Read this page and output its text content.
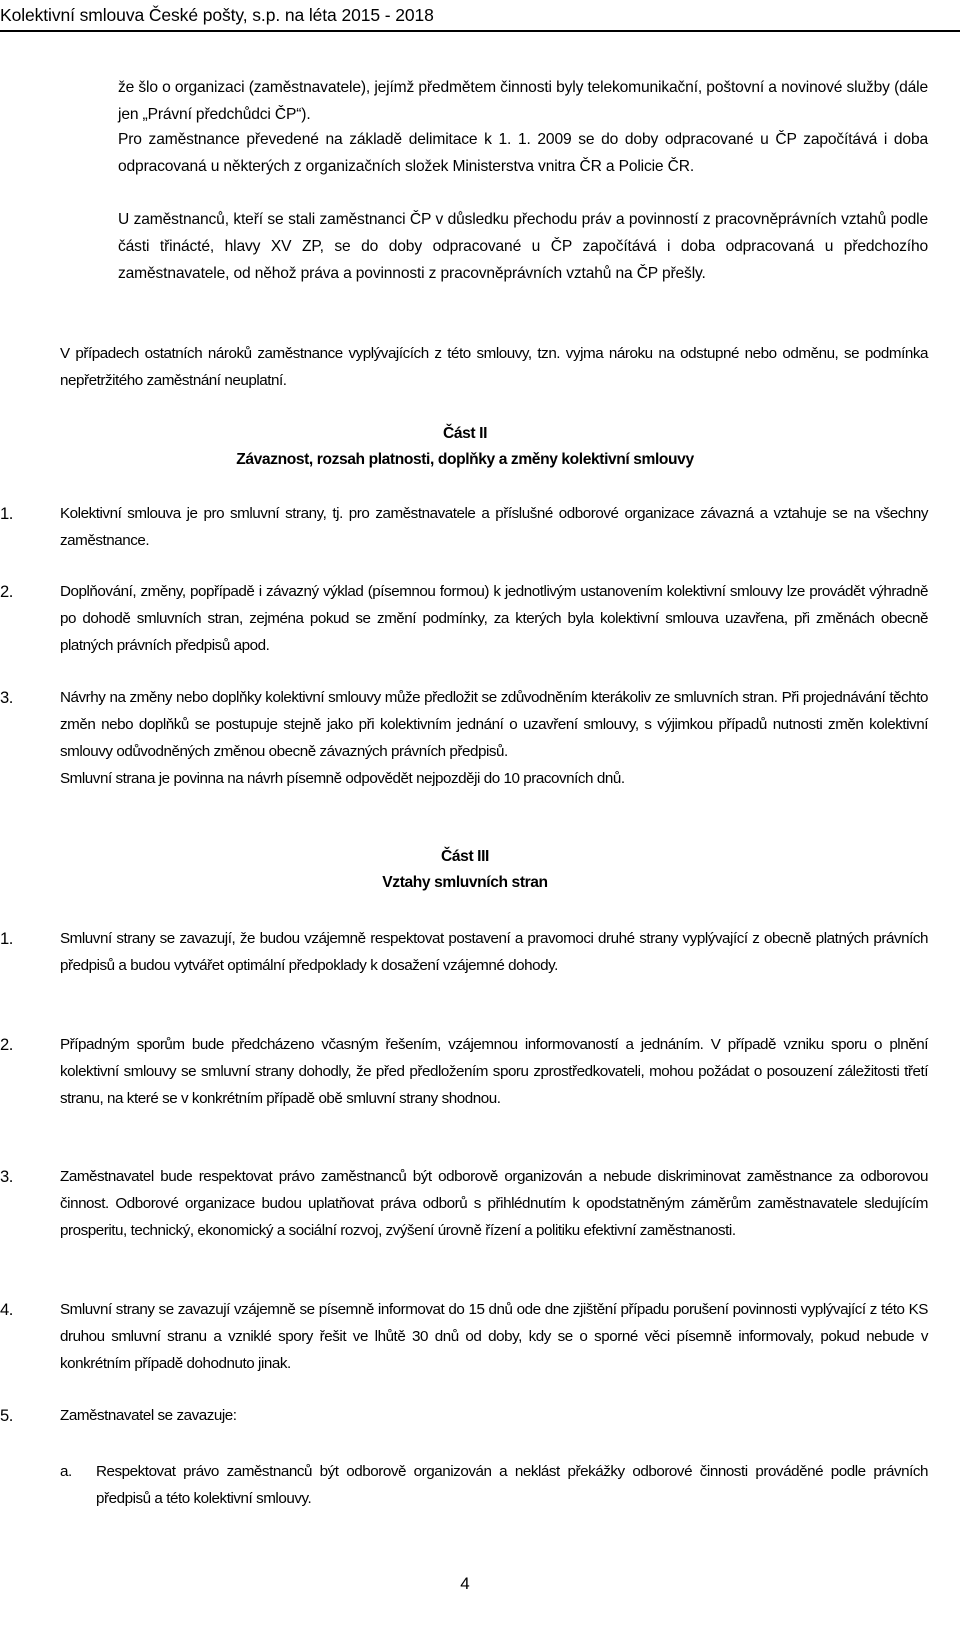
Kolektivní smlouva České pošty, s.p. na léta 2015 - 2018
že šlo o organizaci (zaměstnavatele), jejímž předmětem činnosti byly telekomunikační, poštovní a novinové služby (dále jen „Právní předchůdci ČP“).
Pro zaměstnance převedené na základě delimitace k 1. 1. 2009 se do doby odpracované u ČP započítává i doba odpracovaná u některých z organizačních složek Ministerstva vnitra ČR a Policie ČR.
U zaměstnanců, kteří se stali zaměstnanci ČP v důsledku přechodu práv a povinností z pracovněprávních vztahů podle části třinácté, hlavy XV ZP, se do doby odpracované u ČP započítává i doba odpracovaná u předchozího zaměstnavatele, od něhož práva a povinnosti z pracovněprávních vztahů na ČP přešly.
V případech ostatních nároků zaměstnance vyplývajících z této smlouvy, tzn. vyjma nároku na odstupné nebo odměnu, se podmínka nepřetržitého zaměstnání neuplatní.
Část II
Závaznost, rozsah platnosti, doplňky a změny kolektivní smlouvy
1.	Kolektivní smlouva je pro smluvní strany, tj. pro zaměstnavatele a příslušné odborové organizace závazná a vztahuje se na všechny zaměstnance.
2.	Doplňování, změny, popřípadě i závazný výklad (písemnou formou) k jednotlivým ustanovením kolektivní smlouvy lze provádět výhradně po dohodě smluvních stran, zejména pokud se změní podmínky, za kterých byla kolektivní smlouva uzavřena, při změnách obecně platných právních předpisů apod.
3.	Návrhy na změny nebo doplňky kolektivní smlouvy může předložit se zdůvodněním kterákoliv ze smluvních stran. Při projednávání těchto změn nebo doplňků se postupuje stejně jako při kolektivním jednání o uzavření smlouvy, s výjimkou případů nutnosti změn kolektivní smlouvy odůvodněných změnou obecně závazných právních předpisů.

Smluvní strana je povinna na návrh písemně odpovědět nejpozději do 10 pracovních dnů.

Část III
Vztahy smluvních stran
1.	Smluvní strany se zavazují, že budou vzájemně respektovat postavení a pravomoci druhé strany vyplývající z obecně platných právních předpisů a budou vytvářet optimální předpoklady k dosažení vzájemné dohody.
2.	Případným sporům bude předcházeno včasným řešením, vzájemnou informovaností a jednáním. V případě vzniku sporu o plnění kolektivní smlouvy se smluvní strany dohodly, že před předložením sporu zprostředkovateli, mohou požádat o posouzení záležitosti třetí stranu, na které se v konkrétním případě obě smluvní strany shodnou.
3.	Zaměstnavatel bude respektovat právo zaměstnanců být odborově organizován a nebude diskriminovat zaměstnance za odborovou činnost. Odborové organizace budou uplatňovat práva odborů s přihlédnutím k opodstatněným záměrům zaměstnavatele sledujícím prosperitu, technický, ekonomický a sociální rozvoj, zvýšení úrovně řízení a politiku efektivní zaměstnanosti.
4.	Smluvní strany se zavazují vzájemně se písemně informovat do 15 dnů ode dne zjištění případu porušení povinnosti vyplývající z této KS druhou smluvní stranu a vzniklé spory řešit ve lhůtě 30 dnů od doby, kdy se o sporné věci písemně informovaly, pokud nebude v konkrétním případě dohodnuto jinak.
5.	Zaměstnavatel se zavazuje:
a. Respektovat právo zaměstnanců být odborově organizován a neklást překážky odborové činnosti prováděné podle právních předpisů a této kolektivní smlouvy.
4
